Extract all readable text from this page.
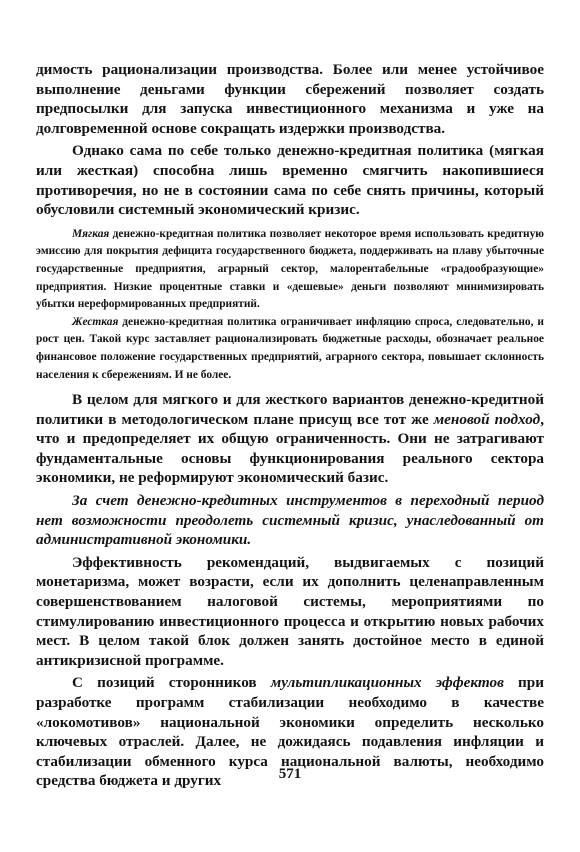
димость рационализации производства. Более или менее устойчивое выполнение деньгами функции сбережений позволяет создать предпосылки для запуска инвестиционного механизма и уже на долговременной основе сокращать издержки производства.

Однако сама по себе только денежно-кредитная политика (мягкая или жесткая) способна лишь временно смягчить накопившиеся противоречия, но не в состоянии сама по себе снять причины, который обусловили системный экономический кризис.

Мягкая денежно-кредитная политика позволяет некоторое время использовать кредитную эмиссию для покрытия дефицита государственного бюджета, поддерживать на плаву убыточные государственные предприятия, аграрный сектор, малорентабельные «градообразующие» предприятия. Низкие процентные ставки и «дешевые» деньги позволяют минимизировать убытки нереформированных предприятий.

Жесткая денежно-кредитная политика ограничивает инфляцию спроса, следовательно, и рост цен. Такой курс заставляет рационализировать бюджетные расходы, обозначает реальное финансовое положение государственных предприятий, аграрного сектора, повышает склонность населения к сбережениям. И не более.

В целом для мягкого и для жесткого вариантов денежно-кредитной политики в методологическом плане присущ все тот же меновой подход, что и предопределяет их общую ограниченность. Они не затрагивают фундаментальные основы функционирования реального сектора экономики, не реформируют экономический базис.

За счет денежно-кредитных инструментов в переходный период нет возможности преодолеть системный кризис, унаследованный от административной экономики.

Эффективность рекомендаций, выдвигаемых с позиций монетаризма, может возрасти, если их дополнить целенаправленным совершенствованием налоговой системы, мероприятиями по стимулированию инвестиционного процесса и открытию новых рабочих мест. В целом такой блок должен занять достойное место в единой антикризисной программе.

С позиций сторонников мультипликационных эффектов при разработке программ стабилизации необходимо в качестве «локомотивов» национальной экономики определить несколько ключевых отраслей. Далее, не дожидаясь подавления инфляции и стабилизации обменного курса национальной валюты, необходимо средства бюджета и других	571
